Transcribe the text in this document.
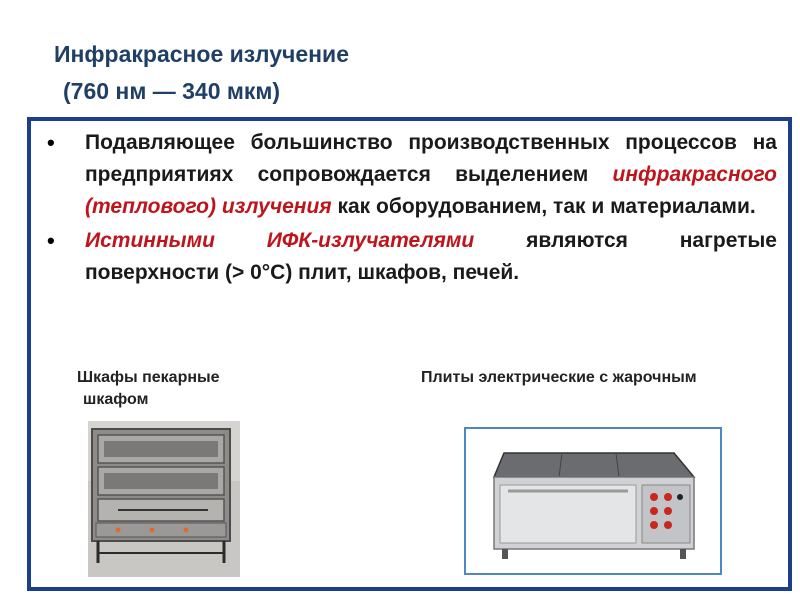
Инфракрасное излучение
(760 нм — 340 мкм)
• Подавляющее большинство производственных процессов на предприятиях сопровождается выделением инфракрасного (теплового) излучения как оборудованием, так и материалами.
• Истинными ИФК-излучателями являются нагретые поверхности (> 0°С) плит, шкафов, печей.
Шкафы пекарные
шкафом
Плиты электрические с жарочным
